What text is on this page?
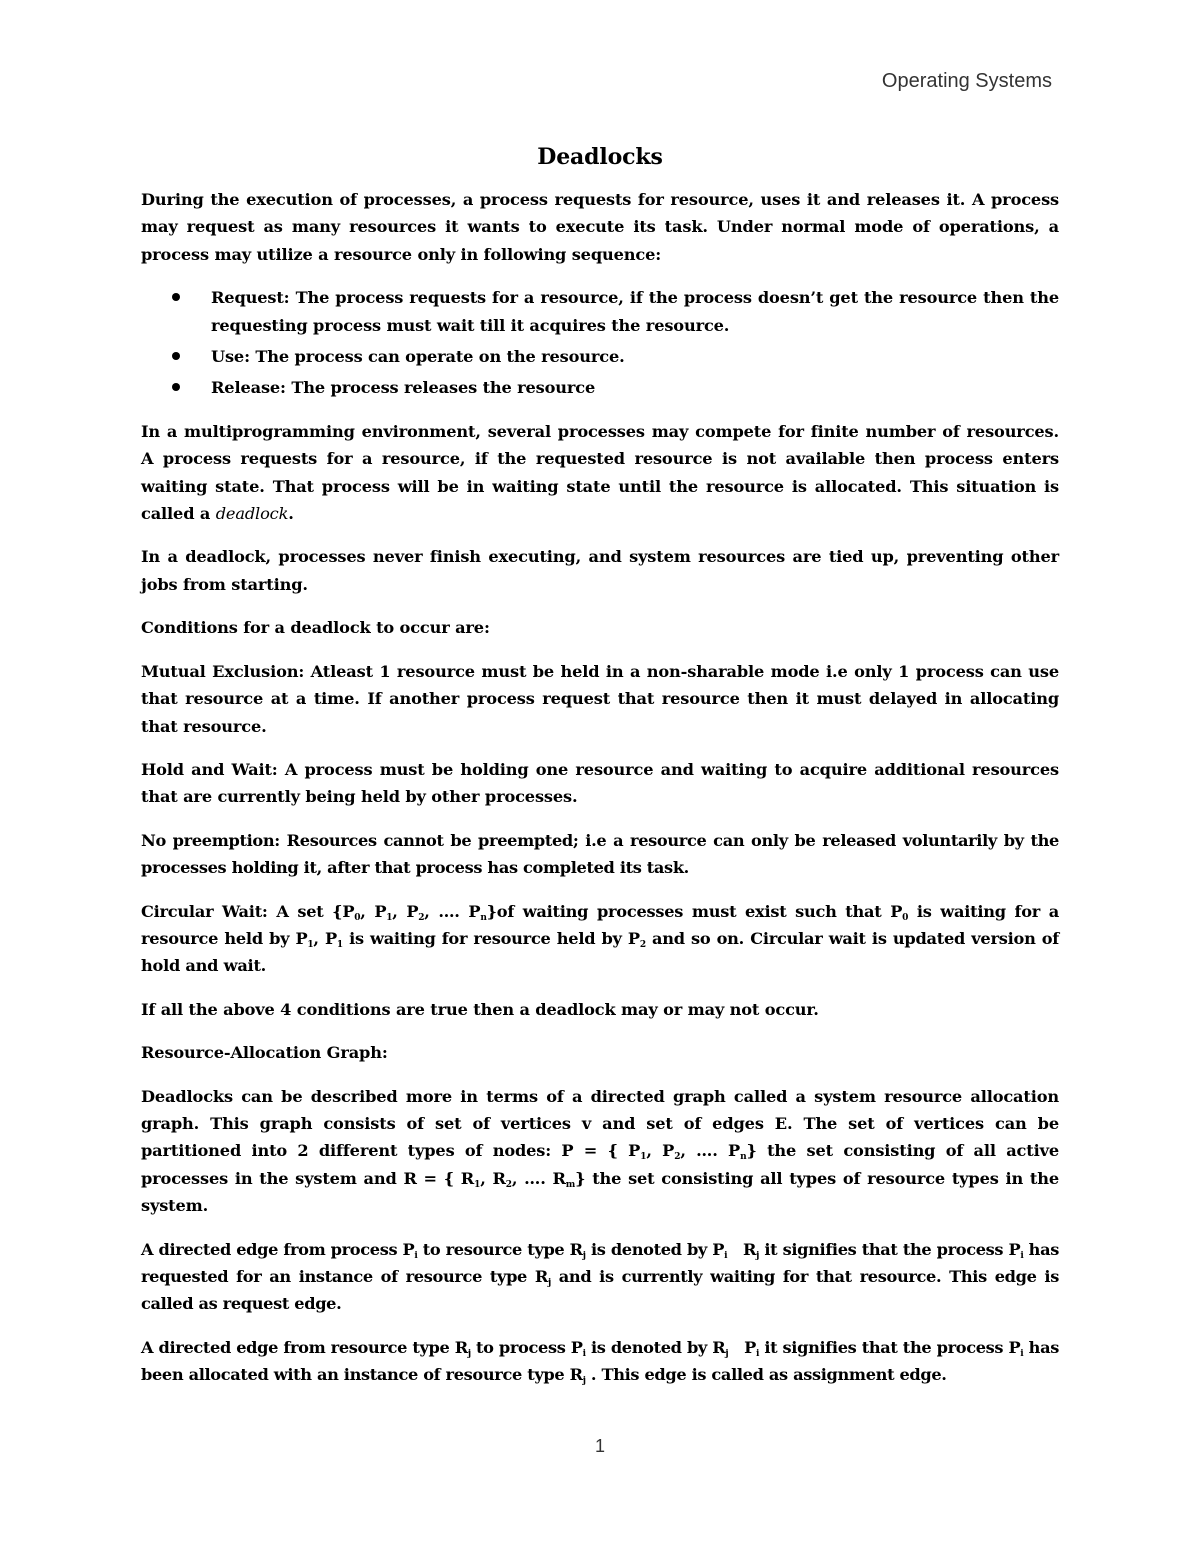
Operating Systems

Deadlocks

During the execution of processes, a process requests for resource, uses it and releases it. A process may request as many resources it wants to execute its task. Under normal mode of operations, a process may utilize a resource only in following sequence:

Request: The process requests for a resource, if the process doesn’t get the resource then the requesting process must wait till it acquires the resource.
Use: The process can operate on the resource.
Release: The process releases the resource

In a multiprogramming environment, several processes may compete for finite number of resources. A process requests for a resource, if the requested resource is not available then process enters waiting state. That process will be in waiting state until the resource is allocated. This situation is called a deadlock.

In a deadlock, processes never finish executing, and system resources are tied up, preventing other jobs from starting.

Conditions for a deadlock to occur are:

Mutual Exclusion: Atleast 1 resource must be held in a non-sharable mode i.e only 1 process can use that resource at a time. If another process request that resource then it must delayed in allocating that resource.

Hold and Wait: A process must be holding one resource and waiting to acquire additional resources that are currently being held by other processes.

No preemption: Resources cannot be preempted; i.e a resource can only be released voluntarily by the processes holding it, after that process has completed its task.

Circular Wait: A set {$P_0$, $P_1$, $P_2$, …. $P_n\}of$ waiting processes must exist such that $P_0$ is waiting for a resource held by $P_1$, $P_1$ is waiting for resource held by $P_2$ and so on. Circular wait is updated version of hold and wait.

If all the above 4 conditions are true then a deadlock may or may not occur.

Resource-Allocation Graph:

Deadlocks can be described more in terms of a directed graph called a system resource allocation graph. This graph consists of set of vertices v and set of edges E. The set of vertices can be partitioned into 2 different types of nodes: P = { $P_1$, $P_2$, …. $P_n$} the set consisting of all active processes in the system and R = { $R_1$, $R_2$, …. $R_m$} the set consisting all types of resource types in the system.

A directed edge from process $P_i$ to resource type $R_j$ is denoted by $P_i$   $R_j$ it signifies that the process $P_i$ has requested for an instance of resource type $R_j$ and is currently waiting for that resource. This edge is called as request edge.

A directed edge from resource type $R_j$ to process $P_i$ is denoted by $R_j$   $P_i$ it signifies that the process $P_i$ has been allocated with an instance of resource type $R_j$ . This edge is called as assignment edge.

1
